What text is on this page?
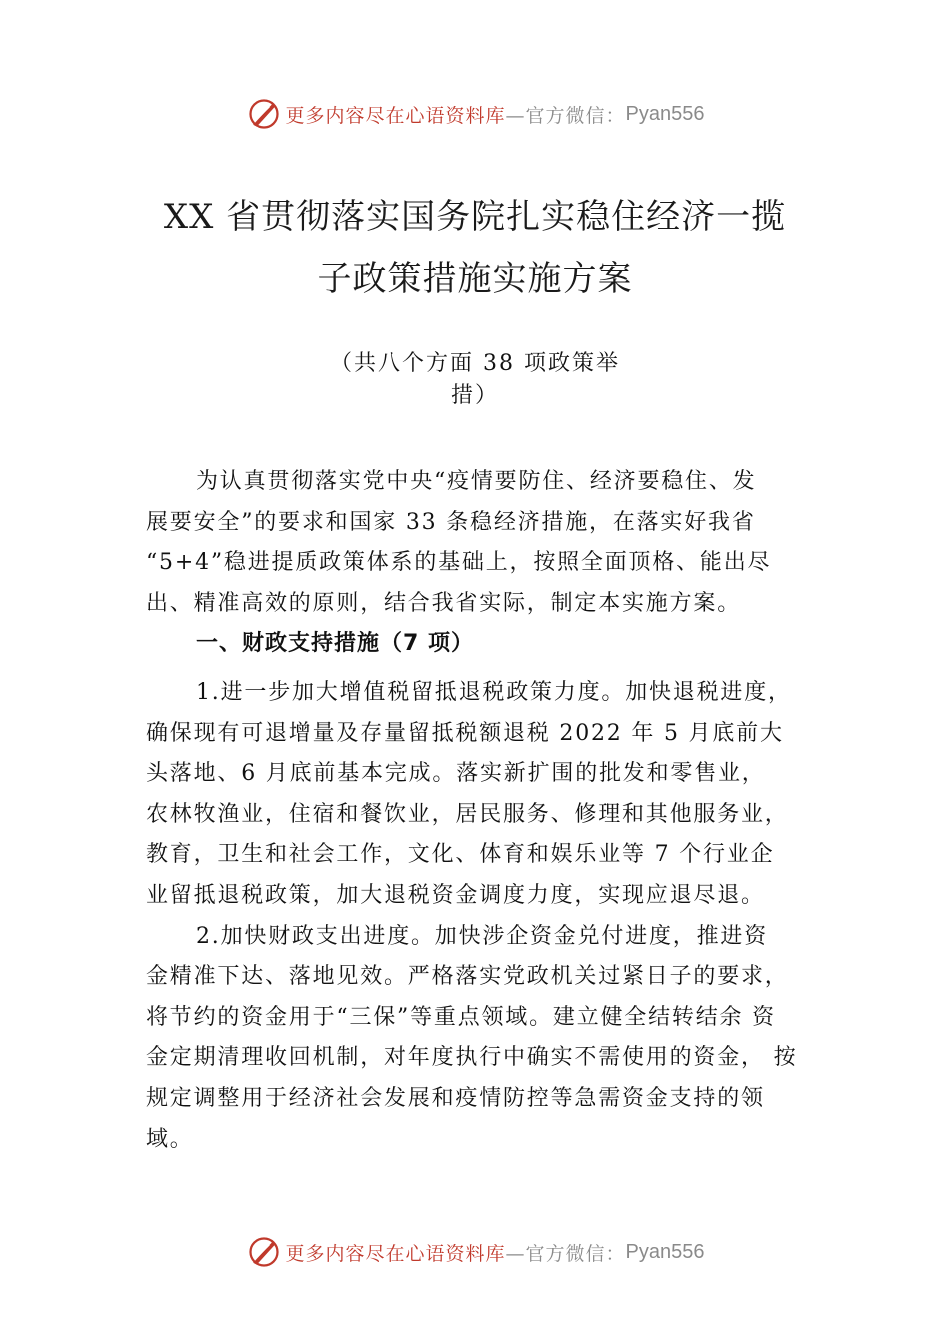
更多内容尽在心语资料库 —官方微信： Pyan556
XX 省贯彻落实国务院扎实稳住经济一揽
子政策措施实施方案
（共八个方面 38 项政策举
措）
为认真贯彻落实党中央“疫情要防住、经济要稳住、发
展要安全”的要求和国家 33 条稳经济措施，在落实好我省
“5+4”稳进提质政策体系的基础上，按照全面顶格、能出尽
出、精准高效的原则，结合我省实际，制定本实施方案。
一、财政支持措施（7 项）
1.进一步加大增值税留抵退税政策力度。加快退税进度，
确保现有可退增量及存量留抵税额退税 2022 年 5 月底前大
头落地、6 月底前基本完成。落实新扩围的批发和零售业，
农林牧渔业，住宿和餐饮业，居民服务、修理和其他服务业，
教育，卫生和社会工作，文化、体育和娱乐业等 7 个行业企
业留抵退税政策，加大退税资金调度力度，实现应退尽退。
2.加快财政支出进度。加快涉企资金兑付进度，推进资
金精准下达、落地见效。严格落实党政机关过紧日子的要求，
将节约的资金用于“三保”等重点领域。建立健全结转结余 资
金定期清理收回机制，对年度执行中确实不需使用的资金， 按
规定调整用于经济社会发展和疫情防控等急需资金支持的领
域。
更多内容尽在心语资料库 —官方微信： Pyan556
